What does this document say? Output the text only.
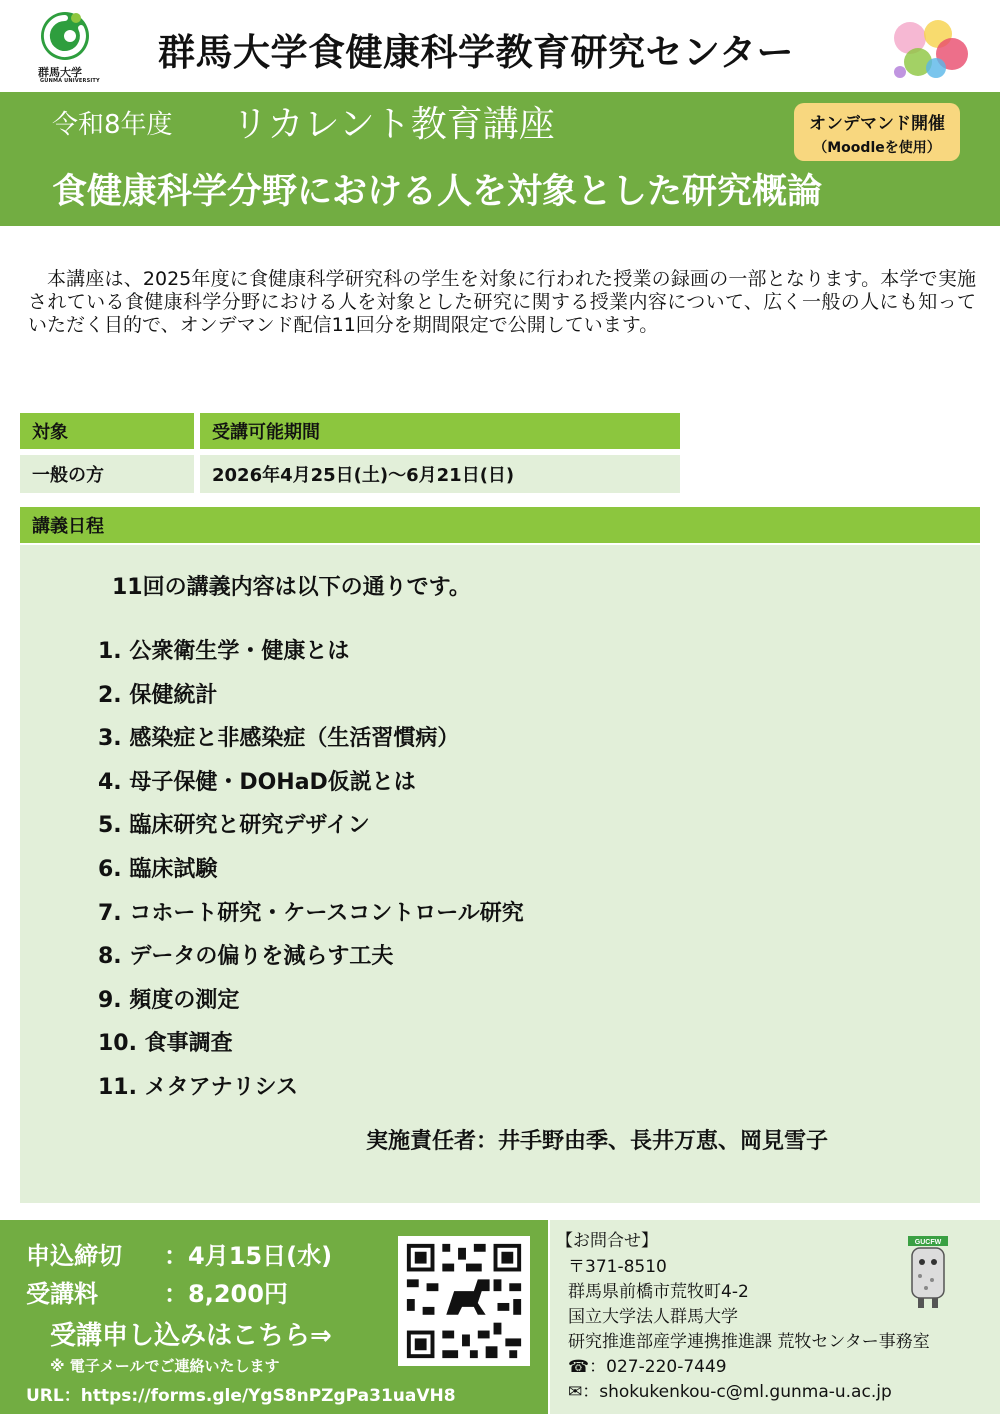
群馬大学
GUNMA UNIVERSITY
群馬大学食健康科学教育研究センター
令和8年度 リカレント教育講座	オンデマンド開催
（Moodleを使用）
食健康科学分野における人を対象とした研究概論
本講座は、2025年度に食健康科学研究科の学生を対象に行われた授業の録画の一部となります。本学で実施されている食健康科学分野における人を対象とした研究に関する授業内容について、広く一般の人にも知っていただく目的で、オンデマンド配信11回分を期間限定で公開しています。
対象	受講可能期間
一般の方	2026年4月25日(土)～6月21日(日)
講義日程
11回の講義内容は以下の通りです。
1. 公衆衛生学・健康とは
2. 保健統計
3. 感染症と非感染症（生活習慣病）
4. 母子保健・DOHaD仮説とは
5. 臨床研究と研究デザイン
6. 臨床試験
7. コホート研究・ケースコントロール研究
8. データの偏りを減らす工夫
9. 頻度の測定
10. 食事調査
11. メタアナリシス
実施責任者：井手野由季、長井万恵、岡見雪子
申込締切 ：4月15日(水)
受講料	：8,200円
受講申し込みはこちら⇒
※ 電子メールでご連絡いたします
URL：https://forms.gle/YgS8nPZgPa31uaVH8
【お問合せ】
〒371-8510
群馬県前橋市荒牧町4-2
国立大学法人群馬大学
研究推進部産学連携推進課 荒牧センター事務室
☎：027-220-7449
✉：shokukenkou-c@ml.gunma-u.ac.jp
GUCFW
